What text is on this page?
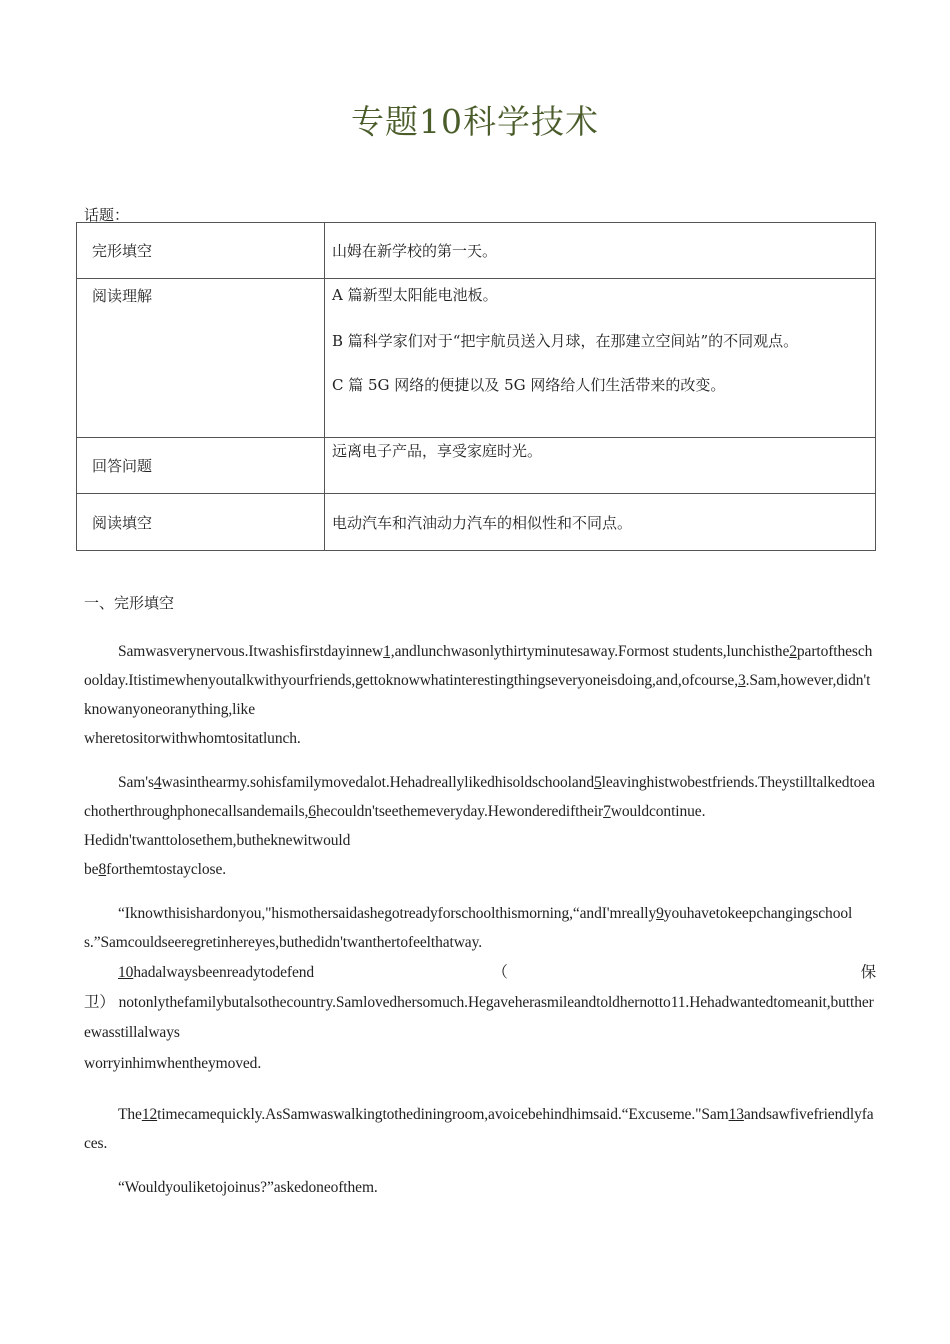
专题10科学技术
话题：
完形填空	山姆在新学校的第一天。
阅读理解	A 篇新型太阳能电池板。

B 篇科学家们对于“把宇航员送入月球，在那建立空间站”的不同观点。

C 篇 5G 网络的便捷以及 5G 网络给人们生活带来的改变。

回答问题	远离电子产品，享受家庭时光。
阅读填空	电动汽车和汽油动力汽车的相似性和不同点。
一、完形填空

Samwasverynervous.Itwashisfirstdayinnew1,andlunchwasonlythirtyminutesaway.Formost students,lunchisthe2partoftheschoolday.Itistimewhenyoutalkwithyourfriends,gettoknowwhatinterestingthingseveryoneisdoing,and,ofcourse,3.Sam,however,didn'tknowanyoneoranything,like

wheretositorwithwhomtositatlunch.

Sam's4wasinthearmy.sohisfamilymovedalot.Hehadreallylikedhisoldschooland5leavinghistwobestfriends.Theystilltalkedtoeachotherthroughphonecallsandemails,6hecouldn'tseethemeveryday.Hewonderediftheir7wouldcontinue.

Hedidn'twanttolosethem,butheknewitwould

be8forthemtostayclose.

“Iknowthisishardonyou,"hismothersaidashegotreadyforschoolthismorning,“andI'mreally9youhavetokeepchangingschools.”Samcouldseeregretinhereyes,buthedidn'twanthertofeelthatway.

10hadalwaysbeenreadytodefend	（	保

卫） notonlythefamilybutalsothecountry.Samlovedhersomuch.Hegaveherasmileandtoldhernotto11.Hehadwantedtomeanit,buttherewasstillalways

worryinhimwhentheymoved.

The12timecamequickly.AsSamwaswalkingtothediningroom,avoicebehindhimsaid.“Excuseme."Sam13andsawfivefriendlyfaces.

“Wouldyouliketojoinus?”askedoneofthem.
